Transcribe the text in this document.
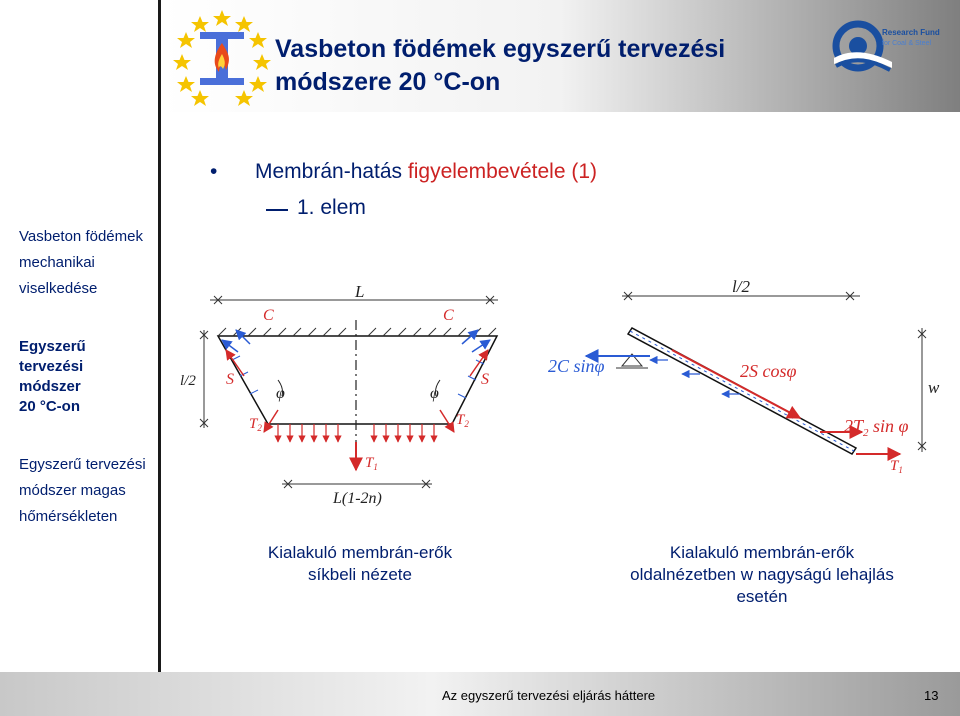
Vasbeton födémek egyszerű tervezési
módszere 20 °C-on
Research Fund
for Coal & Steel
Vasbeton födémek
mechanikai
viselkedése
Egyszerű
tervezési
módszer
20 °C-on
Egyszerű tervezési
módszer magas
hőmérsékleten
• Membrán-hatás figyelembevétele (1)
1. elem
L
l/2
C	C
S	S
φ	φ
$T_2$	$T_2$
$T_1$
L(1-2n)
l/2
w
2C sinφ	2S cosφ
$2T_2$ sin φ
$T_1$
Kialakuló membrán-erők
síkbeli nézete
Kialakuló membrán-erők
oldalnézetben w nagyságú lehajlás
esetén
Az egyszerű tervezési eljárás háttere	13
